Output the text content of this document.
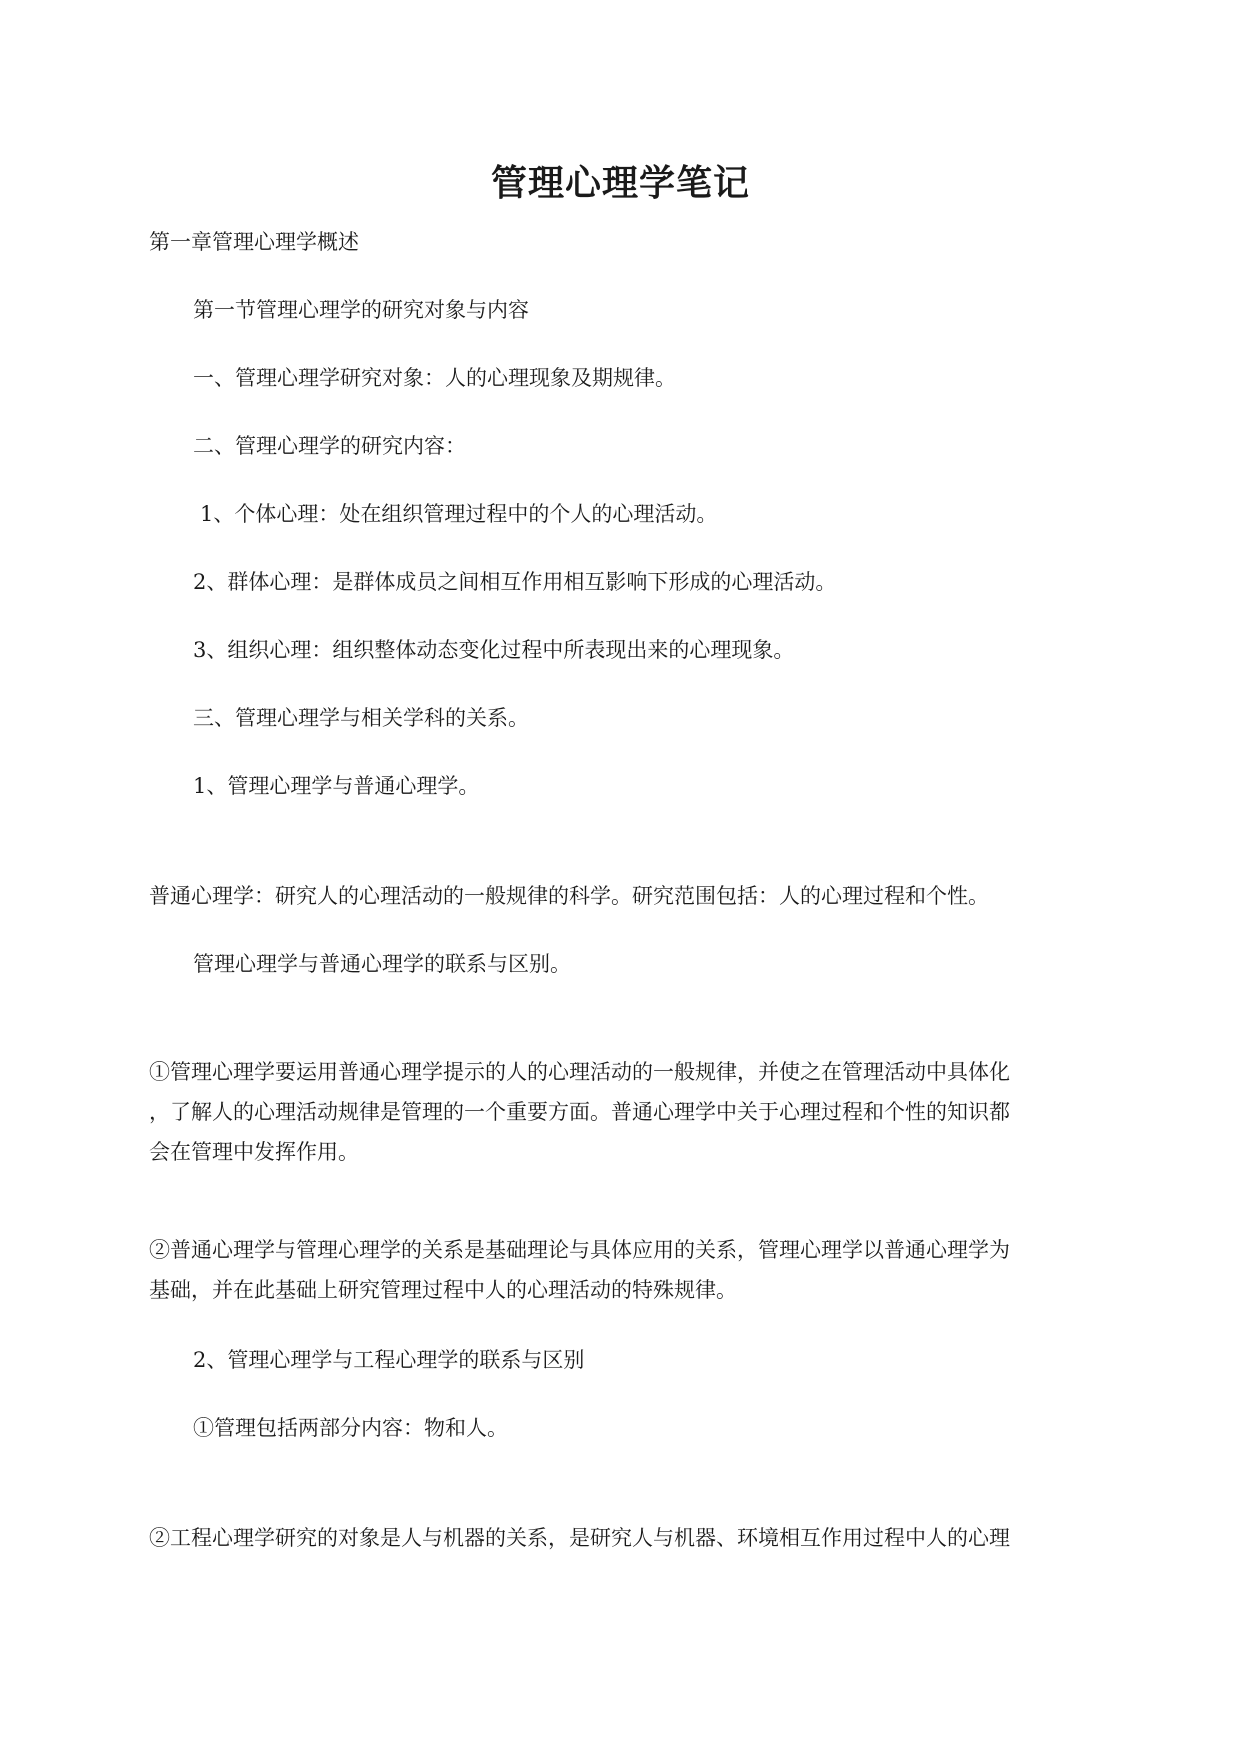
管理心理学笔记

第一章管理心理学概述

第一节管理心理学的研究对象与内容

一、管理心理学研究对象：人的心理现象及期规律。

二、管理心理学的研究内容：

1、个体心理：处在组织管理过程中的个人的心理活动。

2、群体心理：是群体成员之间相互作用相互影响下形成的心理活动。

3、组织心理：组织整体动态变化过程中所表现出来的心理现象。

三、管理心理学与相关学科的关系。

1、管理心理学与普通心理学。

普通心理学：研究人的心理活动的一般规律的科学。研究范围包括：人的心理过程和个性。

管理心理学与普通心理学的联系与区别。

①管理心理学要运用普通心理学提示的人的心理活动的一般规律，并使之在管理活动中具体化
，了解人的心理活动规律是管理的一个重要方面。普通心理学中关于心理过程和个性的知识都
会在管理中发挥作用。
②普通心理学与管理心理学的关系是基础理论与具体应用的关系，管理心理学以普通心理学为
基础，并在此基础上研究管理过程中人的心理活动的特殊规律。

2、管理心理学与工程心理学的联系与区别

①管理包括两部分内容：物和人。

②工程心理学研究的对象是人与机器的关系，是研究人与机器、环境相互作用过程中人的心理
